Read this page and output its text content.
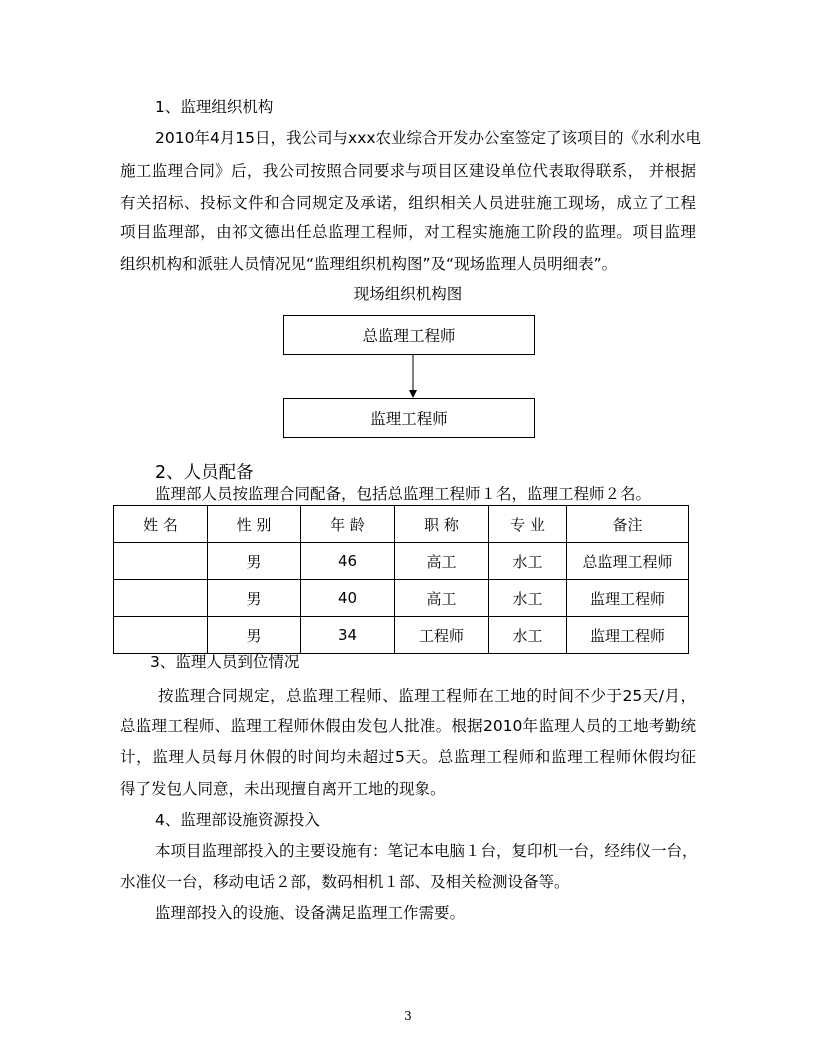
1、监理组织机构
2010年4月15日，我公司与xxx农业综合开发办公室签定了该项目的《水利水电
施工监理合同》后，我公司按照合同要求与项目区建设单位代表取得联系， 并根据
有关招标、投标文件和合同规定及承诺，组织相关人员进驻施工现场，成立了工程
项目监理部，由祁文德出任总监理工程师，对工程实施施工阶段的监理。项目监理
组织机构和派驻人员情况见“监理组织机构图”及“现场监理人员明细表”。
现场组织机构图
总监理工程师
监理工程师
2、人员配备
监理部人员按监理合同配备，包括总监理工程师１名，监理工程师２名。
姓 名	性 别	年 龄	职 称	专 业	备注
	男	46	高工	水工	总监理工程师
	男	40	高工	水工	监理工程师
	男	34	工程师	水工	监理工程师
3、监理人员到位情况
按监理合同规定，总监理工程师、监理工程师在工地的时间不少于25天/月，
总监理工程师、监理工程师休假由发包人批准。根据2010年监理人员的工地考勤统
计，监理人员每月休假的时间均未超过5天。总监理工程师和监理工程师休假均征
得了发包人同意，未出现擅自离开工地的现象。
4、监理部设施资源投入
本项目监理部投入的主要设施有：笔记本电脑１台，复印机一台，经纬仪一台，
水准仪一台，移动电话２部，数码相机１部、及相关检测设备等。
监理部投入的设施、设备满足监理工作需要。
3
